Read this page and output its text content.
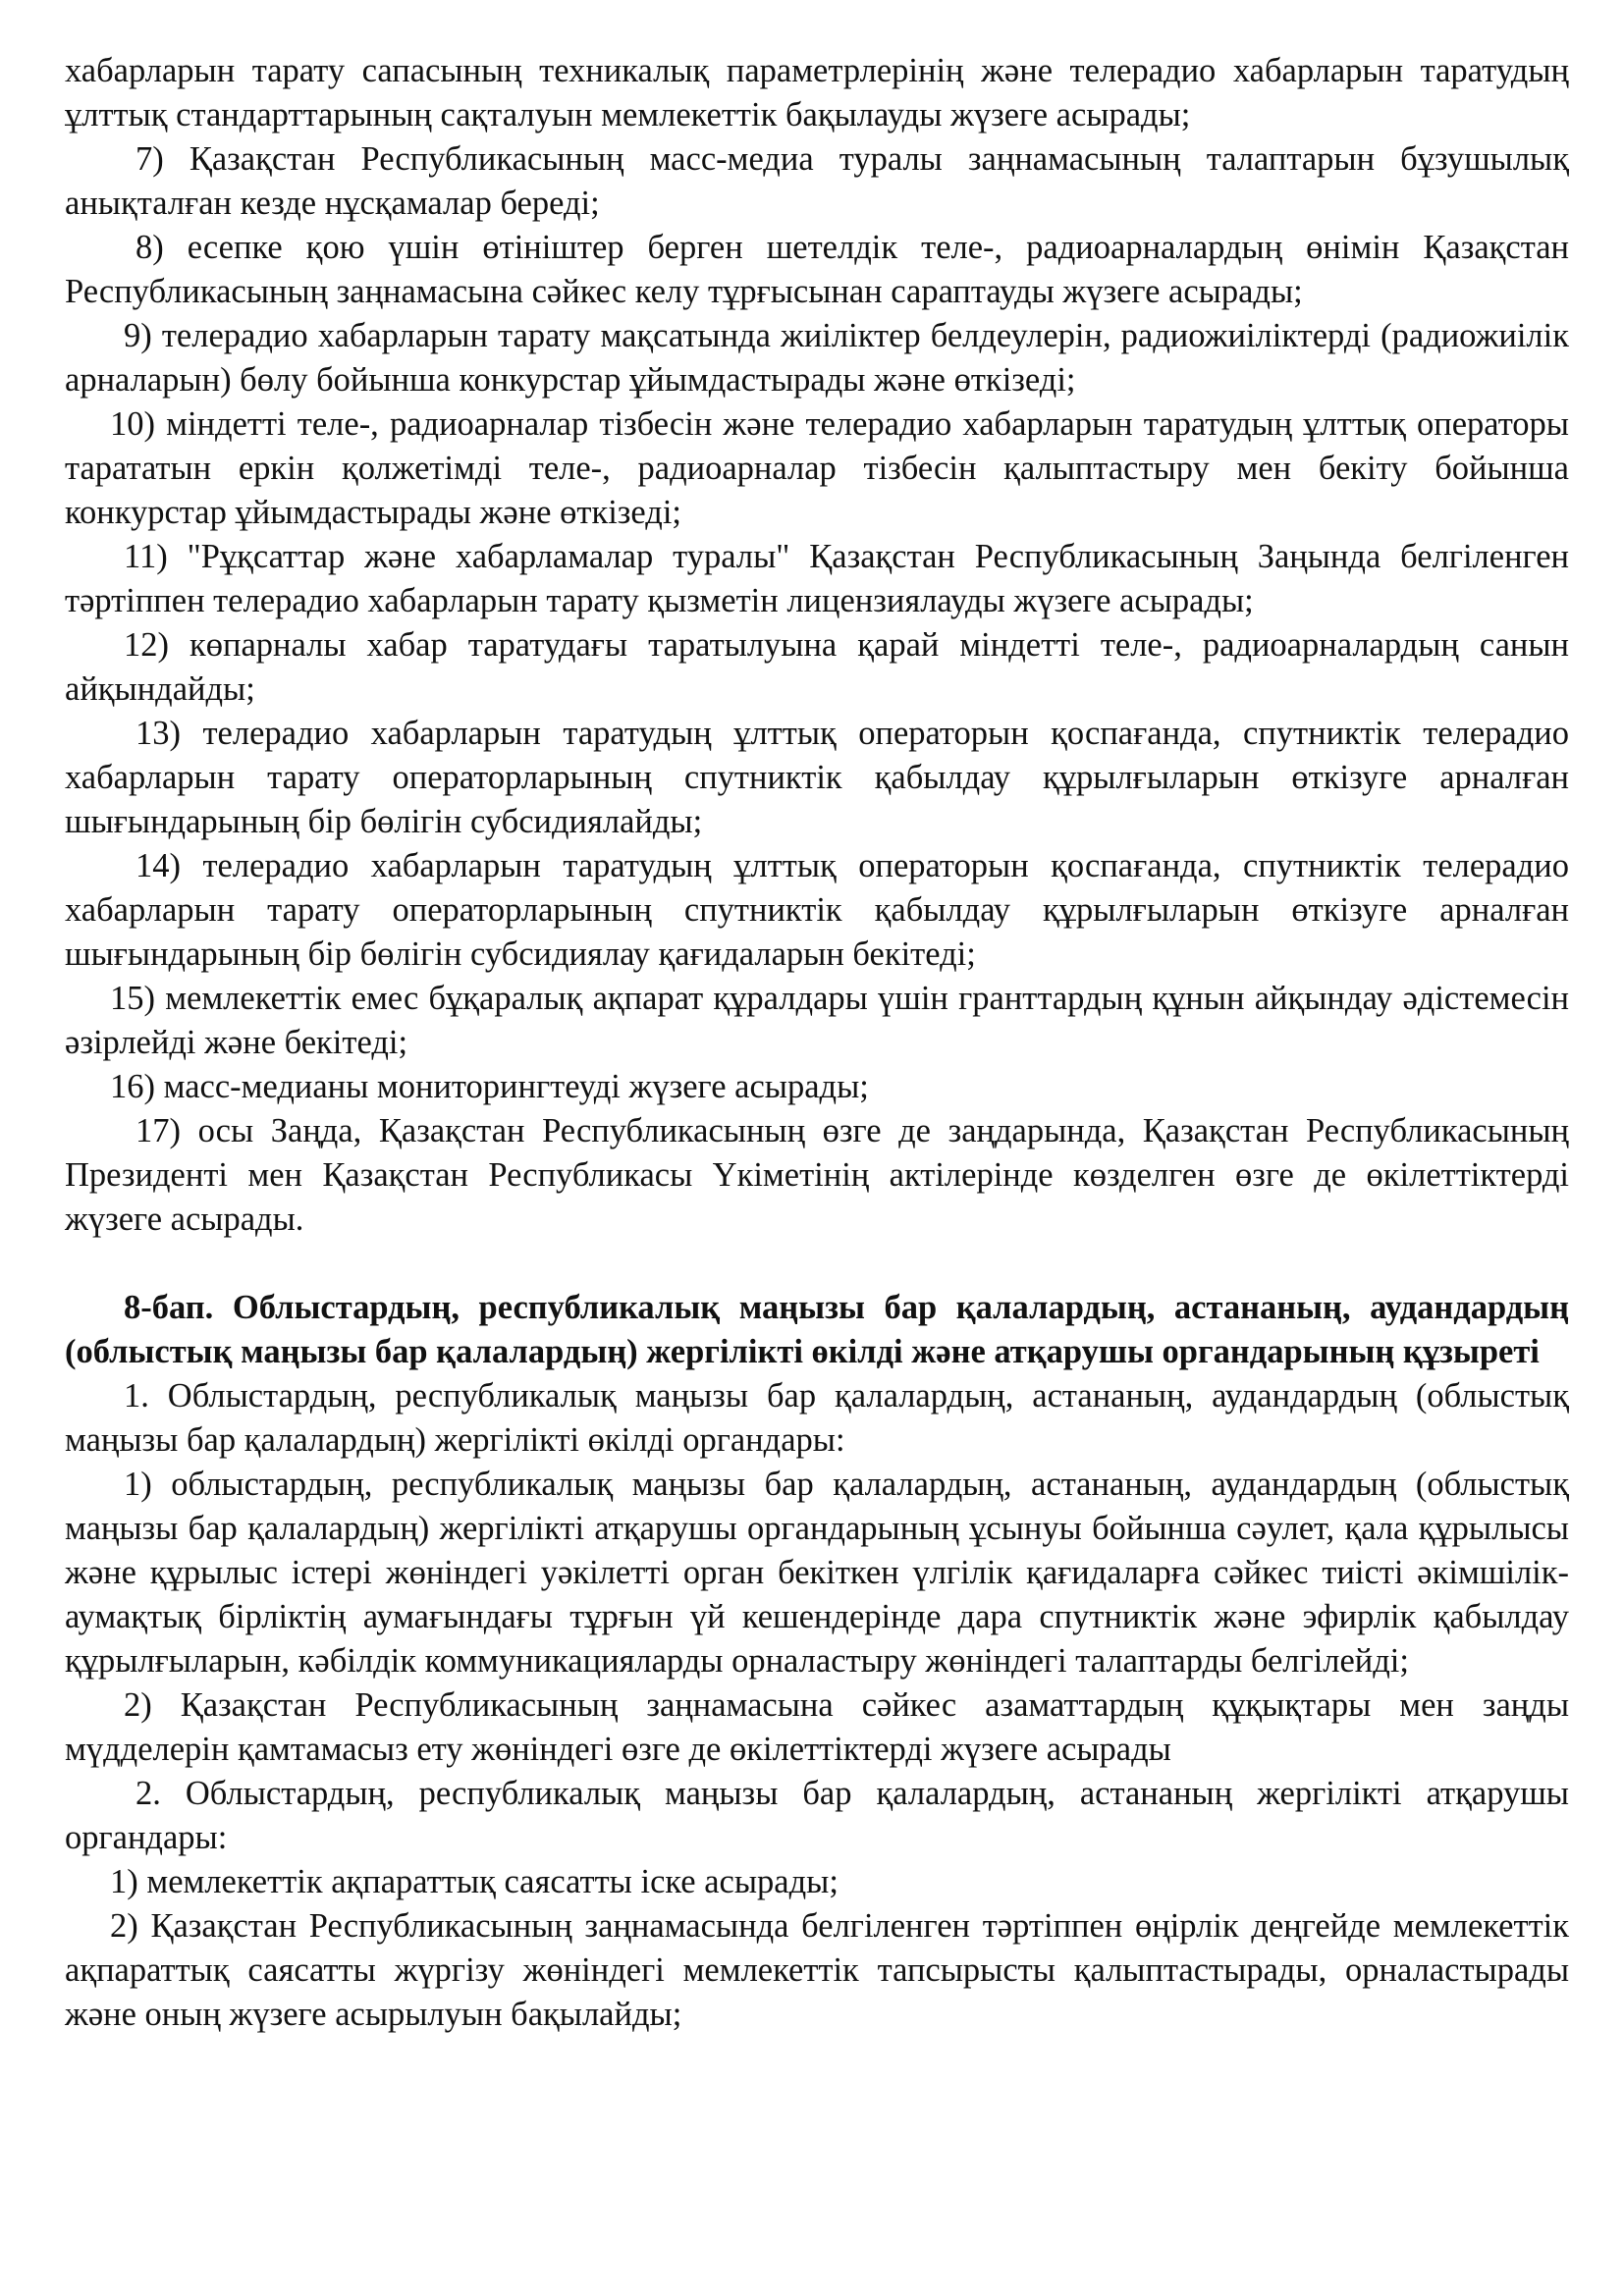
хабарларын тарату сапасының техникалық параметрлерінің және телерадио хабарларын таратудың ұлттық стандарттарының сақталуын мемлекеттік бақылауды жүзеге асырады;

7) Қазақстан Республикасының масс-медиа туралы заңнамасының талаптарын бұзушылық анықталған кезде нұсқамалар береді;

8) есепке қою үшін өтініштер берген шетелдік теле-, радиоарналардың өнімін Қазақстан Республикасының заңнамасына сәйкес келу тұрғысынан сараптауды жүзеге асырады;

9) телерадио хабарларын тарату мақсатында жиіліктер белдеулерін, радиожиіліктерді (радиожиілік арналарын) бөлу бойынша конкурстар ұйымдастырады және өткізеді;

10) міндетті теле-, радиоарналар тізбесін және телерадио хабарларын таратудың ұлттық операторы тарататын еркін қолжетімді теле-, радиоарналар тізбесін қалыптастыру мен бекіту бойынша конкурстар ұйымдастырады және өткізеді;

11) "Рұқсаттар және хабарламалар туралы" Қазақстан Республикасының Заңында белгіленген тәртіппен телерадио хабарларын тарату қызметін лицензиялауды жүзеге асырады;

12) көпарналы хабар таратудағы таратылуына қарай міндетті теле-, радиоарналардың санын айқындайды;

13) телерадио хабарларын таратудың ұлттық операторын қоспағанда, спутниктік телерадио хабарларын тарату операторларының спутниктік қабылдау құрылғыларын өткізуге арналған шығындарының бір бөлігін субсидиялайды;

14) телерадио хабарларын таратудың ұлттық операторын қоспағанда, спутниктік телерадио хабарларын тарату операторларының спутниктік қабылдау құрылғыларын өткізуге арналған шығындарының бір бөлігін субсидиялау қағидаларын бекітеді;

15) мемлекеттік емес бұқаралық ақпарат құралдары үшін гранттардың құнын айқындау әдістемесін әзірлейді және бекітеді;

16) масс-медианы мониторингтеуді жүзеге асырады;

17) осы Заңда, Қазақстан Республикасының өзге де заңдарында, Қазақстан Республикасының Президенті мен Қазақстан Республикасы Үкіметінің актілерінде көзделген өзге де өкілеттіктерді жүзеге асырады.

8-бап. Облыстардың, республикалық маңызы бар қалалардың, астананың, аудандардың (облыстық маңызы бар қалалардың) жергілікті өкілді және атқарушы органдарының құзыреті

1. Облыстардың, республикалық маңызы бар қалалардың, астананың, аудандардың (облыстық маңызы бар қалалардың) жергілікті өкілді органдары:

1) облыстардың, республикалық маңызы бар қалалардың, астананың, аудандардың (облыстық маңызы бар қалалардың) жергілікті атқарушы органдарының ұсынуы бойынша сәулет, қала құрылысы және құрылыс істері жөніндегі уәкілетті орган бекіткен үлгілік қағидаларға сәйкес тиісті әкімшілік-аумақтық бірліктің аумағындағы тұрғын үй кешендерінде дара спутниктік және эфирлік қабылдау құрылғыларын, кәбілдік коммуникацияларды орналастыру жөніндегі талаптарды белгілейді;

2) Қазақстан Республикасының заңнамасына сәйкес азаматтардың құқықтары мен заңды мүдделерін қамтамасыз ету жөніндегі өзге де өкілеттіктерді жүзеге асырады

2. Облыстардың, республикалық маңызы бар қалалардың, астананың жергілікті атқарушы органдары:

1) мемлекеттік ақпараттық саясатты іске асырады;

2) Қазақстан Республикасының заңнамасында белгіленген тәртіппен өңірлік деңгейде мемлекеттік ақпараттық саясатты жүргізу жөніндегі мемлекеттік тапсырысты қалыптастырады, орналастырады және оның жүзеге асырылуын бақылайды;
